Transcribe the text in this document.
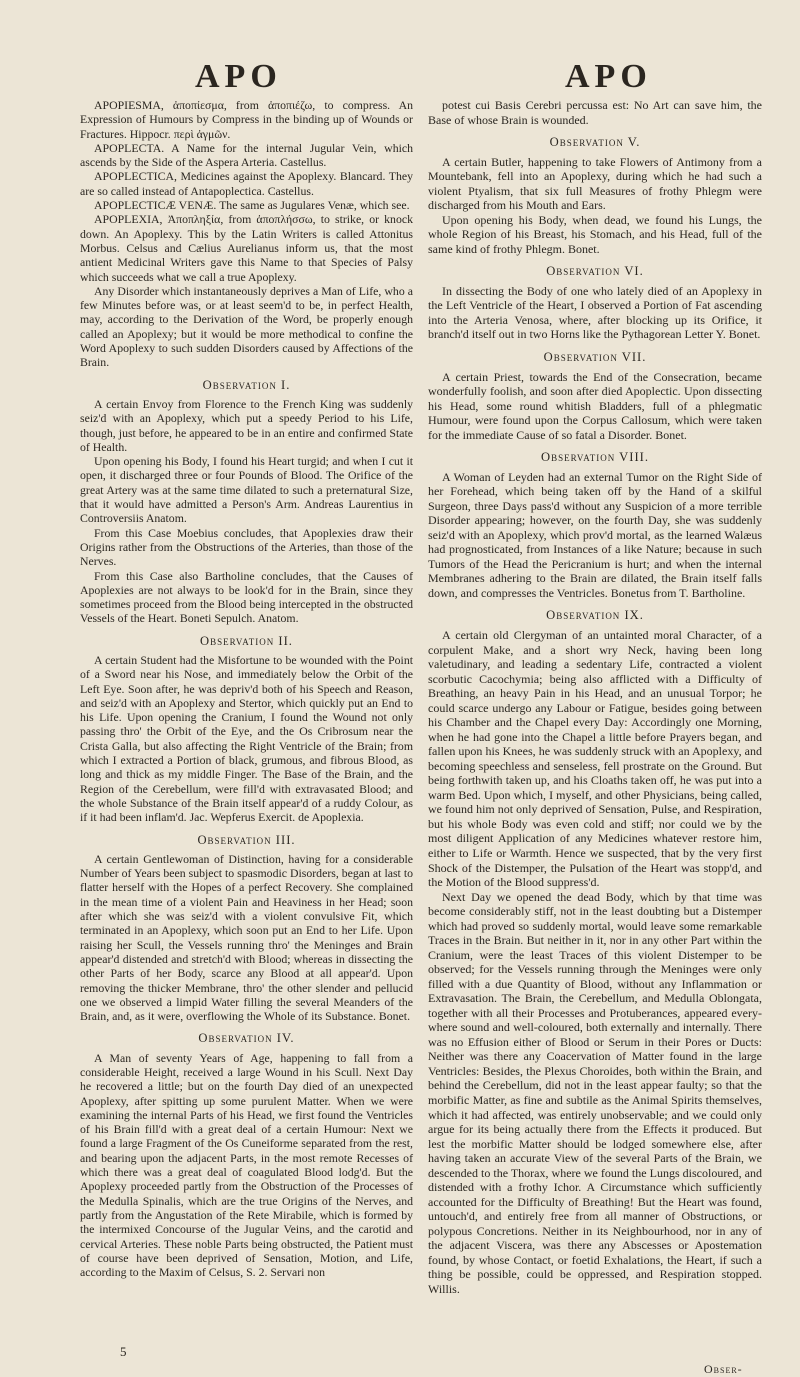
APO	APO

APOPIESMA, ἀποπίεσμα, from ἀποπιέζω, to compress. An Expression of Humours by Compress in the binding up of Wounds or Fractures. Hippocr. περὶ ἀγμῶν.

APOPLECTA. A Name for the internal Jugular Vein, which ascends by the Side of the Aspera Arteria. Castellus.

APOPLECTICA, Medicines against the Apoplexy. Blancard. They are so called instead of Antapoplectica. Castellus.

APOPLECTICÆ VENÆ. The same as Jugulares Venæ, which see.

APOPLEXIA, Ἀποπληξία, from ἀποπλήσσω, to strike, or knock down. An Apoplexy. This by the Latin Writers is called Attonitus Morbus. Celsus and Cælius Aurelianus inform us, that the most antient Medicinal Writers gave this Name to that Species of Palsy which succeeds what we call a true Apoplexy.

Any Disorder which instantaneously deprives a Man of Life, who a few Minutes before was, or at least seem'd to be, in perfect Health, may, according to the Derivation of the Word, be properly enough called an Apoplexy; but it would be more methodical to confine the Word Apoplexy to such sudden Disorders caused by Affections of the Brain.

Observation I.

A certain Envoy from Florence to the French King was suddenly seiz'd with an Apoplexy, which put a speedy Period to his Life, though, just before, he appeared to be in an entire and confirmed State of Health.

Upon opening his Body, I found his Heart turgid; and when I cut it open, it discharged three or four Pounds of Blood. The Orifice of the great Artery was at the same time dilated to such a preternatural Size, that it would have admitted a Person's Arm. Andreas Laurentius in Controversiis Anatom.

From this Case Moebius concludes, that Apoplexies draw their Origins rather from the Obstructions of the Arteries, than those of the Nerves.

From this Case also Bartholine concludes, that the Causes of Apoplexies are not always to be look'd for in the Brain, since they sometimes proceed from the Blood being intercepted in the obstructed Vessels of the Heart. Boneti Sepulch. Anatom.

Observation II.

A certain Student had the Misfortune to be wounded with the Point of a Sword near his Nose, and immediately below the Orbit of the Left Eye. Soon after, he was depriv'd both of his Speech and Reason, and seiz'd with an Apoplexy and Stertor, which quickly put an End to his Life. Upon opening the Cranium, I found the Wound not only passing thro' the Orbit of the Eye, and the Os Cribrosum near the Crista Galla, but also affecting the Right Ventricle of the Brain; from which I extracted a Portion of black, grumous, and fibrous Blood, as long and thick as my middle Finger. The Base of the Brain, and the Region of the Cerebellum, were fill'd with extravasated Blood; and the whole Substance of the Brain itself appear'd of a ruddy Colour, as if it had been inflam'd. Jac. Wepferus Exercit. de Apoplexia.

Observation III.

A certain Gentlewoman of Distinction, having for a considerable Number of Years been subject to spasmodic Disorders, began at last to flatter herself with the Hopes of a perfect Recovery. She complained in the mean time of a violent Pain and Heaviness in her Head; soon after which she was seiz'd with a violent convulsive Fit, which terminated in an Apoplexy, which soon put an End to her Life. Upon raising her Scull, the Vessels running thro' the Meninges and Brain appear'd distended and stretch'd with Blood; whereas in dissecting the other Parts of her Body, scarce any Blood at all appear'd. Upon removing the thicker Membrane, thro' the other slender and pellucid one we observed a limpid Water filling the several Meanders of the Brain, and, as it were, overflowing the Whole of its Substance. Bonet.

Observation IV.

A Man of seventy Years of Age, happening to fall from a considerable Height, received a large Wound in his Scull. Next Day he recovered a little; but on the fourth Day died of an unexpected Apoplexy, after spitting up some purulent Matter. When we were examining the internal Parts of his Head, we first found the Ventricles of his Brain fill'd with a great deal of a certain Humour: Next we found a large Fragment of the Os Cuneiforme separated from the rest, and bearing upon the adjacent Parts, in the most remote Recesses of which there was a great deal of coagulated Blood lodg'd. But the Apoplexy proceeded partly from the Obstruction of the Processes of the Medulla Spinalis, which are the true Origins of the Nerves, and partly from the Angustation of the Rete Mirabile, which is formed by the intermixed Concourse of the Jugular Veins, and the carotid and cervical Arteries. These noble Parts being obstructed, the Patient must of course have been deprived of Sensation, Motion, and Life, according to the Maxim of Celsus, S. 2. Servari non

potest cui Basis Cerebri percussa est: No Art can save him, the Base of whose Brain is wounded.

Observation V.

A certain Butler, happening to take Flowers of Antimony from a Mountebank, fell into an Apoplexy, during which he had such a violent Ptyalism, that six full Measures of frothy Phlegm were discharged from his Mouth and Ears.

Upon opening his Body, when dead, we found his Lungs, the whole Region of his Breast, his Stomach, and his Head, full of the same kind of frothy Phlegm. Bonet.

Observation VI.

In dissecting the Body of one who lately died of an Apoplexy in the Left Ventricle of the Heart, I observed a Portion of Fat ascending into the Arteria Venosa, where, after blocking up its Orifice, it branch'd itself out in two Horns like the Pythagorean Letter Y. Bonet.

Observation VII.

A certain Priest, towards the End of the Consecration, became wonderfully foolish, and soon after died Apoplectic. Upon dissecting his Head, some round whitish Bladders, full of a phlegmatic Humour, were found upon the Corpus Callosum, which were taken for the immediate Cause of so fatal a Disorder. Bonet.

Observation VIII.

A Woman of Leyden had an external Tumor on the Right Side of her Forehead, which being taken off by the Hand of a skilful Surgeon, three Days pass'd without any Suspicion of a more terrible Disorder appearing; however, on the fourth Day, she was suddenly seiz'd with an Apoplexy, which prov'd mortal, as the learned Walæus had prognosticated, from Instances of a like Nature; because in such Tumors of the Head the Pericranium is hurt; and when the internal Membranes adhering to the Brain are dilated, the Brain itself falls down, and compresses the Ventricles. Bonetus from T. Bartholine.

Observation IX.

A certain old Clergyman of an untainted moral Character, of a corpulent Make, and a short wry Neck, having been long valetudinary, and leading a sedentary Life, contracted a violent scorbutic Cacochymia; being also afflicted with a Difficulty of Breathing, an heavy Pain in his Head, and an unusual Torpor; he could scarce undergo any Labour or Fatigue, besides going between his Chamber and the Chapel every Day: Accordingly one Morning, when he had gone into the Chapel a little before Prayers began, and fallen upon his Knees, he was suddenly struck with an Apoplexy, and becoming speechless and senseless, fell prostrate on the Ground. But being forthwith taken up, and his Cloaths taken off, he was put into a warm Bed. Upon which, I myself, and other Physicians, being called, we found him not only deprived of Sensation, Pulse, and Respiration, but his whole Body was even cold and stiff; nor could we by the most diligent Application of any Medicines whatever restore him, either to Life or Warmth. Hence we suspected, that by the very first Shock of the Distemper, the Pulsation of the Heart was stopp'd, and the Motion of the Blood suppress'd.

Next Day we opened the dead Body, which by that time was become considerably stiff, not in the least doubting but a Distemper which had proved so suddenly mortal, would leave some remarkable Traces in the Brain. But neither in it, nor in any other Part within the Cranium, were the least Traces of this violent Distemper to be observed; for the Vessels running through the Meninges were only filled with a due Quantity of Blood, without any Inflammation or Extravasation. The Brain, the Cerebellum, and Medulla Oblongata, together with all their Processes and Protuberances, appeared every-where sound and well-coloured, both externally and internally. There was no Effusion either of Blood or Serum in their Pores or Ducts: Neither was there any Coacervation of Matter found in the large Ventricles: Besides, the Plexus Choroides, both within the Brain, and behind the Cerebellum, did not in the least appear faulty; so that the morbific Matter, as fine and subtile as the Animal Spirits themselves, which it had affected, was entirely unobservable; and we could only argue for its being actually there from the Effects it produced. But lest the morbific Matter should be lodged somewhere else, after having taken an accurate View of the several Parts of the Brain, we descended to the Thorax, where we found the Lungs discoloured, and distended with a frothy Ichor. A Circumstance which sufficiently accounted for the Difficulty of Breathing! But the Heart was found, untouch'd, and entirely free from all manner of Obstructions, or polypous Concretions. Neither in its Neighbourhood, nor in any of the adjacent Viscera, was there any Abscesses or Apostemation found, by whose Contact, or foetid Exhalations, the Heart, if such a thing be possible, could be oppressed, and Respiration stopped. Willis.

5
Obser-
